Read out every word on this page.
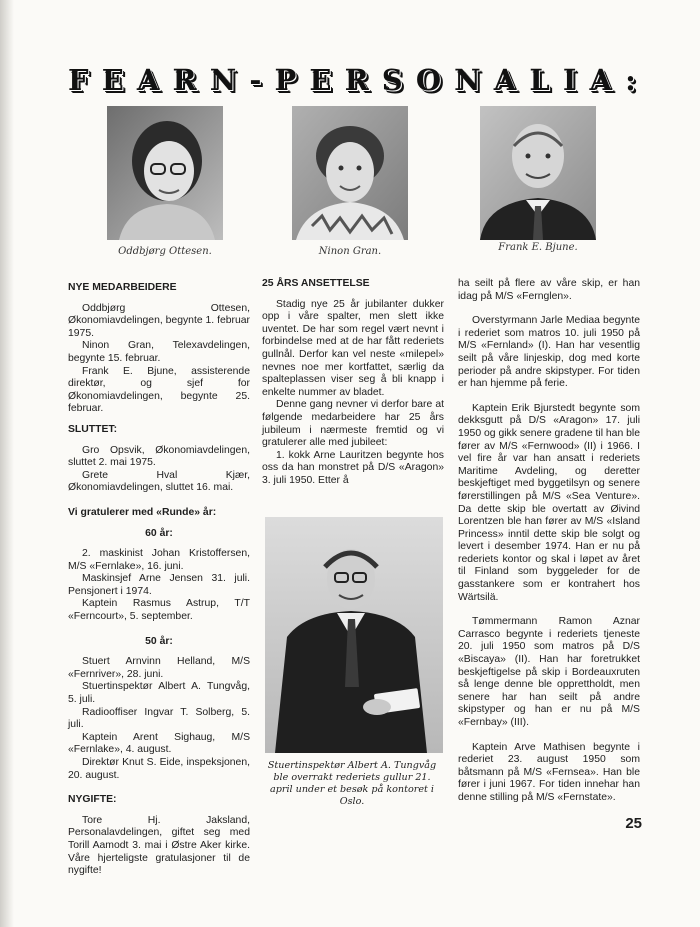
F E A R N - P E R S O N A L I A :
Oddbjørg Ottesen.	Ninon Gran.	Frank E. Bjune.

NYE MEDARBEIDERE

Oddbjørg Ottesen, Økonomiavdelingen, begynte 1. februar 1975.

Ninon Gran, Telexavdelingen, begynte 15. februar.

Frank E. Bjune, assisterende direktør, og sjef for Økonomiavdelingen, begynte 25. februar.

SLUTTET:

Gro Opsvik, Økonomiavdelingen, sluttet 2. mai 1975.

Grete Hval Kjær, Økonomiavdelingen, sluttet 16. mai.

Vi gratulerer med «Runde» år:

60 år:

2. maskinist Johan Kristoffersen, M/S «Fernlake», 16. juni.

Maskinsjef Arne Jensen 31. juli. Pensjonert i 1974.

Kaptein Rasmus Astrup, T/T «Ferncourt», 5. september.

50 år:

Stuert Arnvinn Helland, M/S «Fernriver», 28. juni.

Stuertinspektør Albert A. Tungvåg, 5. juli.

Radiooffiser Ingvar T. Solberg, 5. juli.

Kaptein Arent Sighaug, M/S «Fernlake», 4. august.

Direktør Knut S. Eide, inspeksjonen, 20. august.

NYGIFTE:

Tore Hj. Jaksland, Personalavdelingen, giftet seg med Torill Aamodt 3. mai i Østre Aker kirke. Våre hjerteligste gratulasjoner til de nygifte!

25 ÅRS ANSETTELSE

Stadig nye 25 år jubilanter dukker opp i våre spalter, men slett ikke uventet. De har som regel vært nevnt i forbindelse med at de har fått rederiets gullnål. Derfor kan vel neste «milepel» nevnes noe mer kortfattet, særlig da spalteplassen viser seg å bli knapp i enkelte nummer av bladet.

Denne gang nevner vi derfor bare at følgende medarbeidere har 25 års jubileum i nærmeste fremtid og vi gratulerer alle med jubileet:

1. kokk Arne Lauritzen begynte hos oss da han monstret på D/S «Aragon» 3. juli 1950. Etter å

Stuertinspektør Albert A. Tungvåg ble overrakt rederiets gullur 21. april under et besøk på kontoret i Oslo.

ha seilt på flere av våre skip, er han idag på M/S «Fernglen».

Overstyrmann Jarle Mediaa begynte i rederiet som matros 10. juli 1950 på M/S «Fernland» (I). Han har vesentlig seilt på våre linjeskip, dog med korte perioder på andre skipstyper. For tiden er han hjemme på ferie.

Kaptein Erik Bjurstedt begynte som dekksgutt på D/S «Aragon» 17. juli 1950 og gikk senere gradene til han ble fører av M/S «Fernwood» (II) i 1966. I vel fire år var han ansatt i rederiets Maritime Avdeling, og deretter beskjeftiget med byggetilsyn og senere førerstillingen på M/S «Sea Venture». Da dette skip ble overtatt av Øivind Lorentzen ble han fører av M/S «Island Princess» inntil dette skip ble solgt og levert i desember 1974. Han er nu på rederiets kontor og skal i løpet av året til Finland som byggeleder for de gasstankere som er kontrahert hos Wärtsilä.

Tømmermann Ramon Aznar Carrasco begynte i rederiets tjeneste 20. juli 1950 som matros på D/S «Biscaya» (II). Han har foretrukket beskjeftigelse på skip i Bordeauxruten så lenge denne ble opprettholdt, men senere har han seilt på andre skipstyper og han er nu på M/S «Fernbay» (III).

Kaptein Arve Mathisen begynte i rederiet 23. august 1950 som båtsmann på M/S «Fernsea». Han ble fører i juni 1967. For tiden innehar han denne stilling på M/S «Fernstate».

25
